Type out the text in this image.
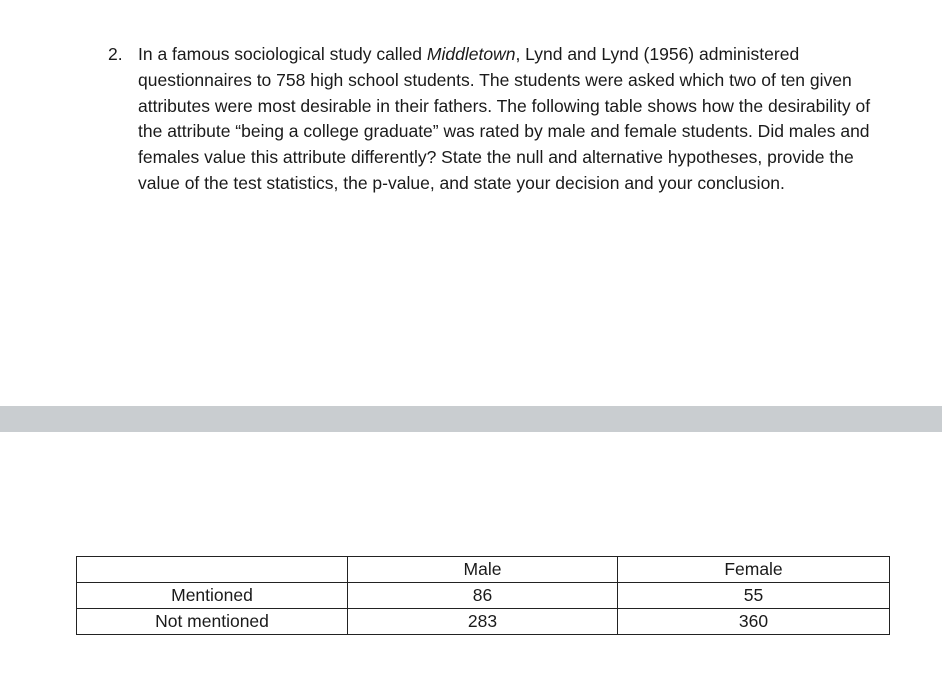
2. In a famous sociological study called Middletown, Lynd and Lynd (1956) administered questionnaires to 758 high school students. The students were asked which two of ten given attributes were most desirable in their fathers. The following table shows how the desirability of the attribute “being a college graduate” was rated by male and female students. Did males and females value this attribute differently? State the null and alternative hypotheses, provide the value of the test statistics, the p-value, and state your decision and your conclusion.
	Male	Female
Mentioned	86	55
Not mentioned	283	360
